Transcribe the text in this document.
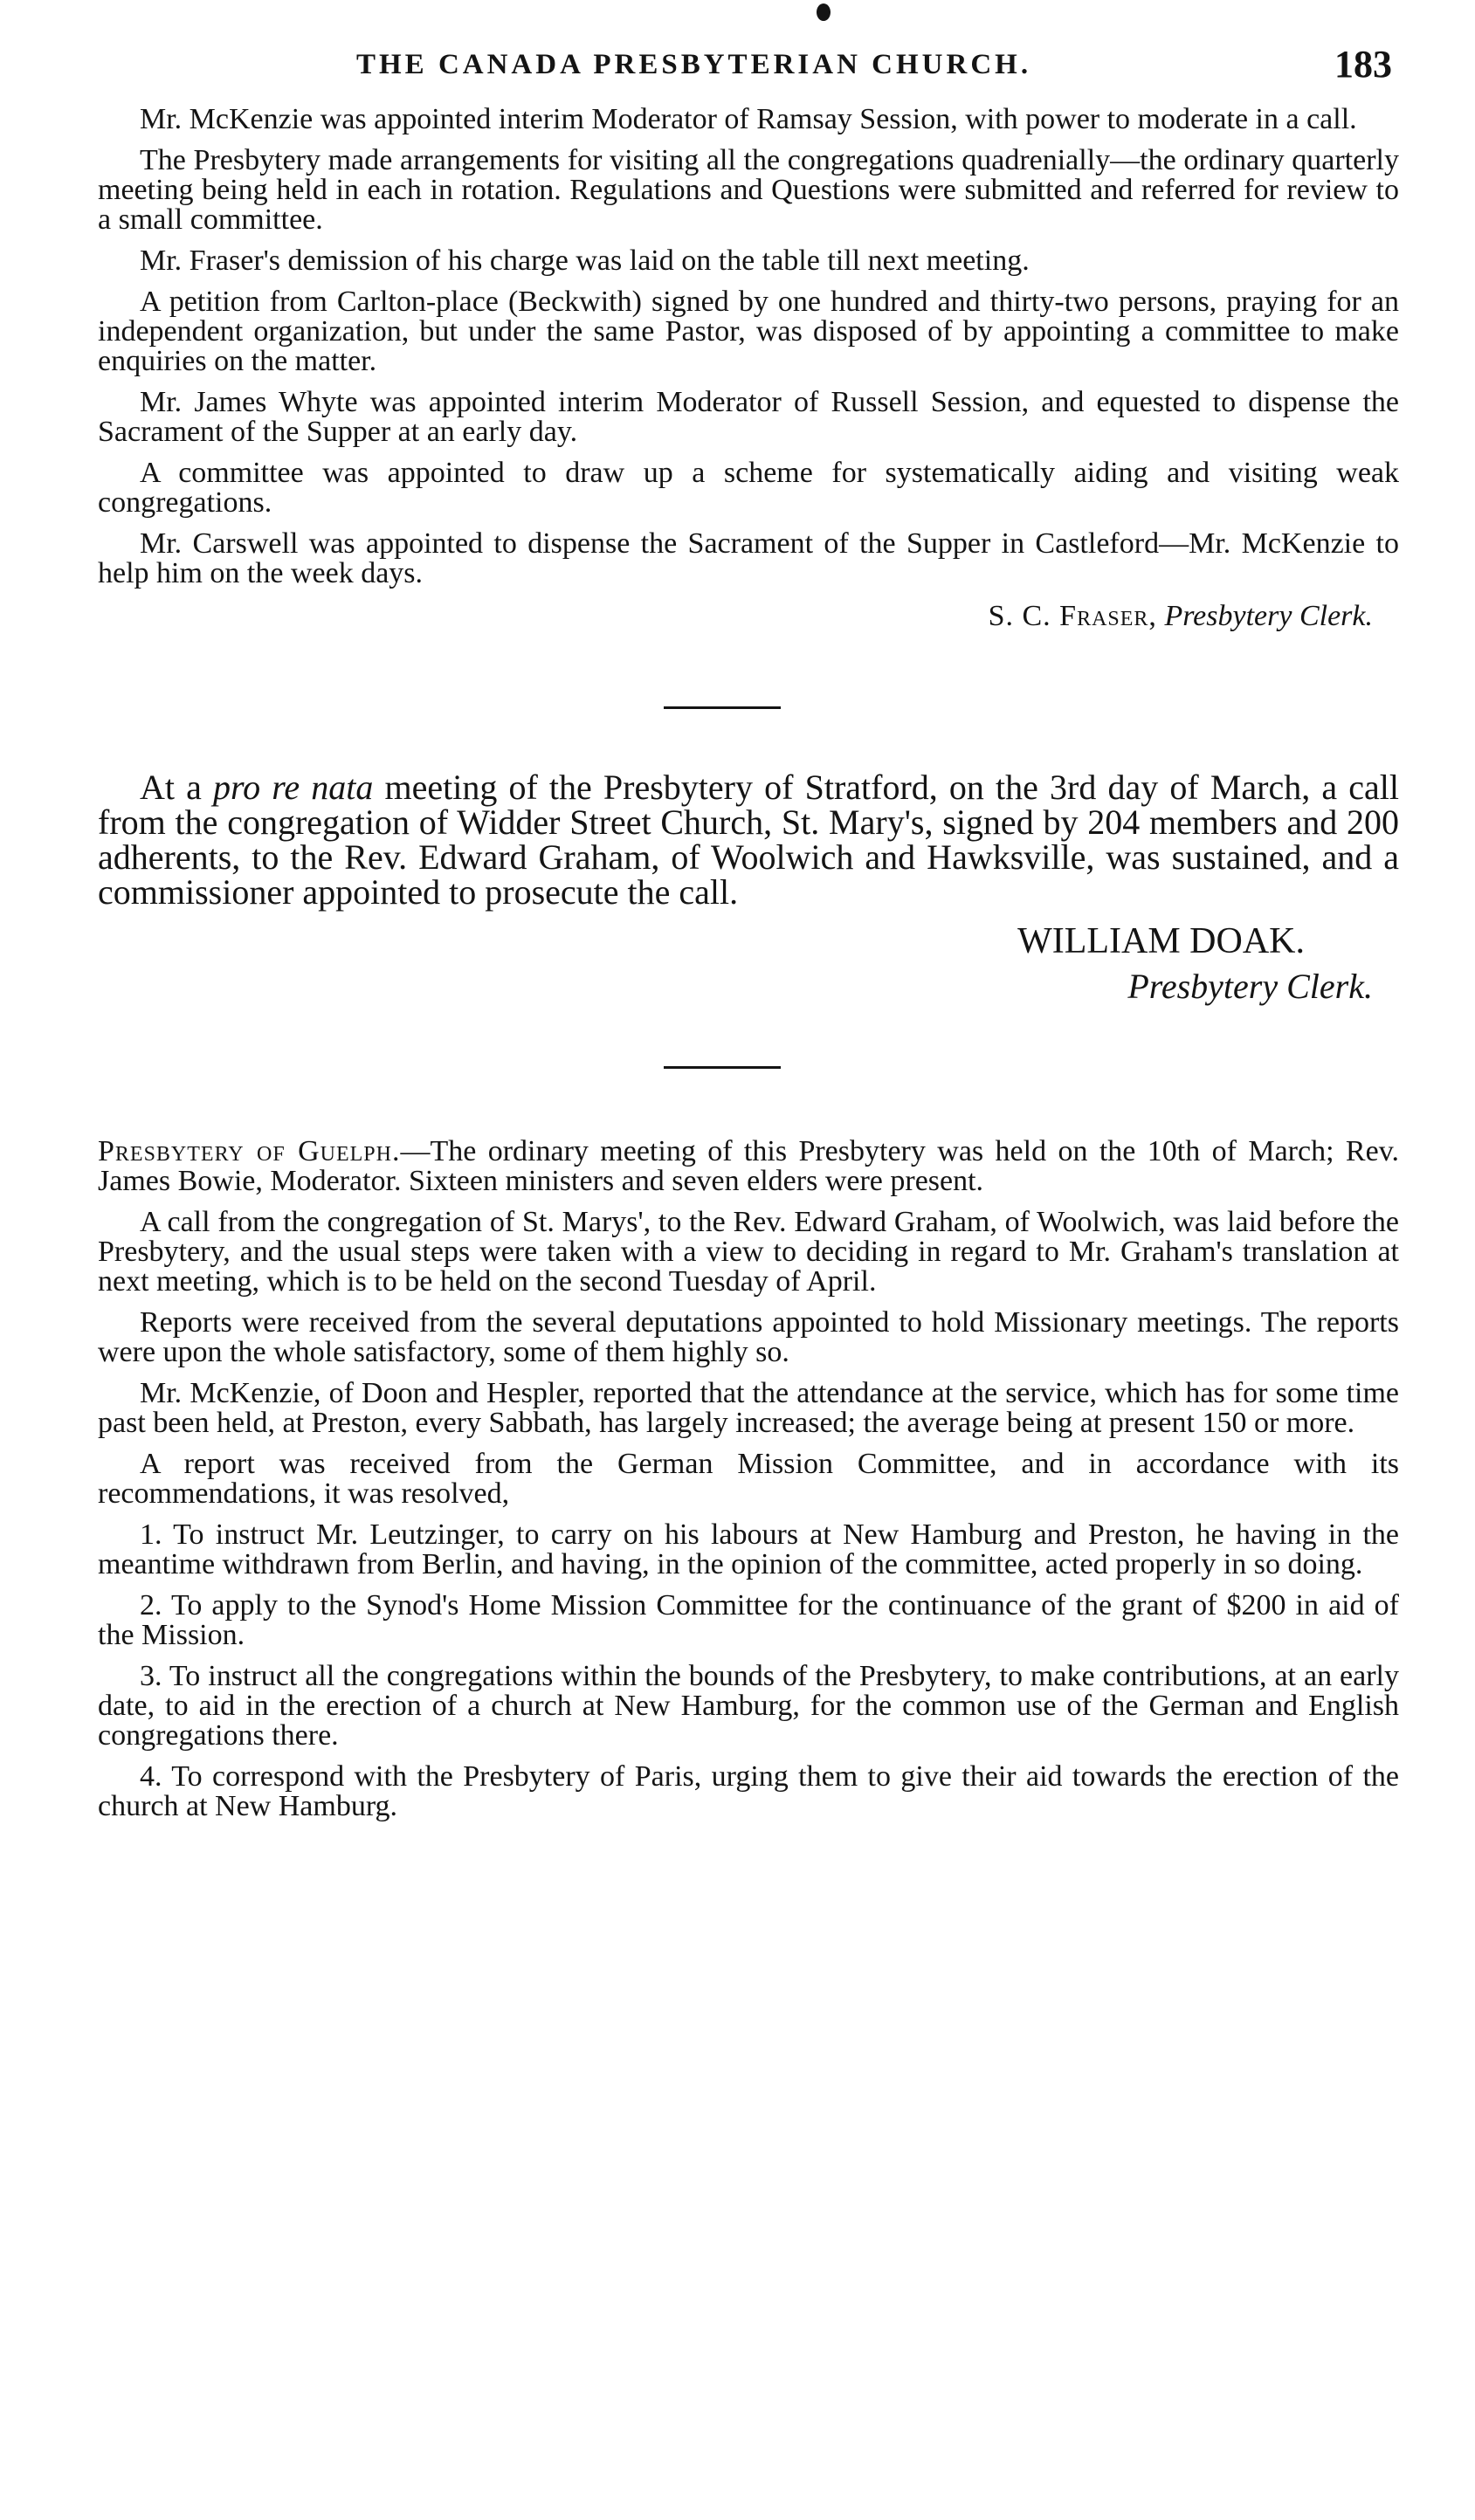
THE CANADA PRESBYTERIAN CHURCH.	183

Mr. McKenzie was appointed interim Moderator of Ramsay Session, with power to moderate in a call.

The Presbytery made arrangements for visiting all the congregations quadrenially—the ordinary quarterly meeting being held in each in rotation. Regulations and Questions were submitted and referred for review to a small committee.

Mr. Fraser's demission of his charge was laid on the table till next meeting.

A petition from Carlton-place (Beckwith) signed by one hundred and thirty-two persons, praying for an independent organization, but under the same Pastor, was disposed of by appointing a committee to make enquiries on the matter.

Mr. James Whyte was appointed interim Moderator of Russell Session, and equested to dispense the Sacrament of the Supper at an early day.

A committee was appointed to draw up a scheme for systematically aiding and visiting weak congregations.

Mr. Carswell was appointed to dispense the Sacrament of the Supper in Castleford—Mr. McKenzie to help him on the week days.

S. C. Fraser, Presbytery Clerk.

At a pro re nata meeting of the Presbytery of Stratford, on the 3rd day of March, a call from the congregation of Widder Street Church, St. Mary's, signed by 204 members and 200 adherents, to the Rev. Edward Graham, of Woolwich and Hawksville, was sustained, and a commissioner appointed to prosecute the call.

WILLIAM DOAK.
Presbytery Clerk.

Presbytery of Guelph.—The ordinary meeting of this Presbytery was held on the 10th of March; Rev. James Bowie, Moderator. Sixteen ministers and seven elders were present.

A call from the congregation of St. Marys', to the Rev. Edward Graham, of Woolwich, was laid before the Presbytery, and the usual steps were taken with a view to deciding in regard to Mr. Graham's translation at next meeting, which is to be held on the second Tuesday of April.

Reports were received from the several deputations appointed to hold Missionary meetings. The reports were upon the whole satisfactory, some of them highly so.

Mr. McKenzie, of Doon and Hespler, reported that the attendance at the service, which has for some time past been held, at Preston, every Sabbath, has largely increased; the average being at present 150 or more.

A report was received from the German Mission Committee, and in accordance with its recommendations, it was resolved,

1. To instruct Mr. Leutzinger, to carry on his labours at New Hamburg and Preston, he having in the meantime withdrawn from Berlin, and having, in the opinion of the committee, acted properly in so doing.

2. To apply to the Synod's Home Mission Committee for the continuance of the grant of $200 in aid of the Mission.

3. To instruct all the congregations within the bounds of the Presbytery, to make contributions, at an early date, to aid in the erection of a church at New Hamburg, for the common use of the German and English congregations there.

4. To correspond with the Presbytery of Paris, urging them to give their aid towards the erection of the church at New Hamburg.
